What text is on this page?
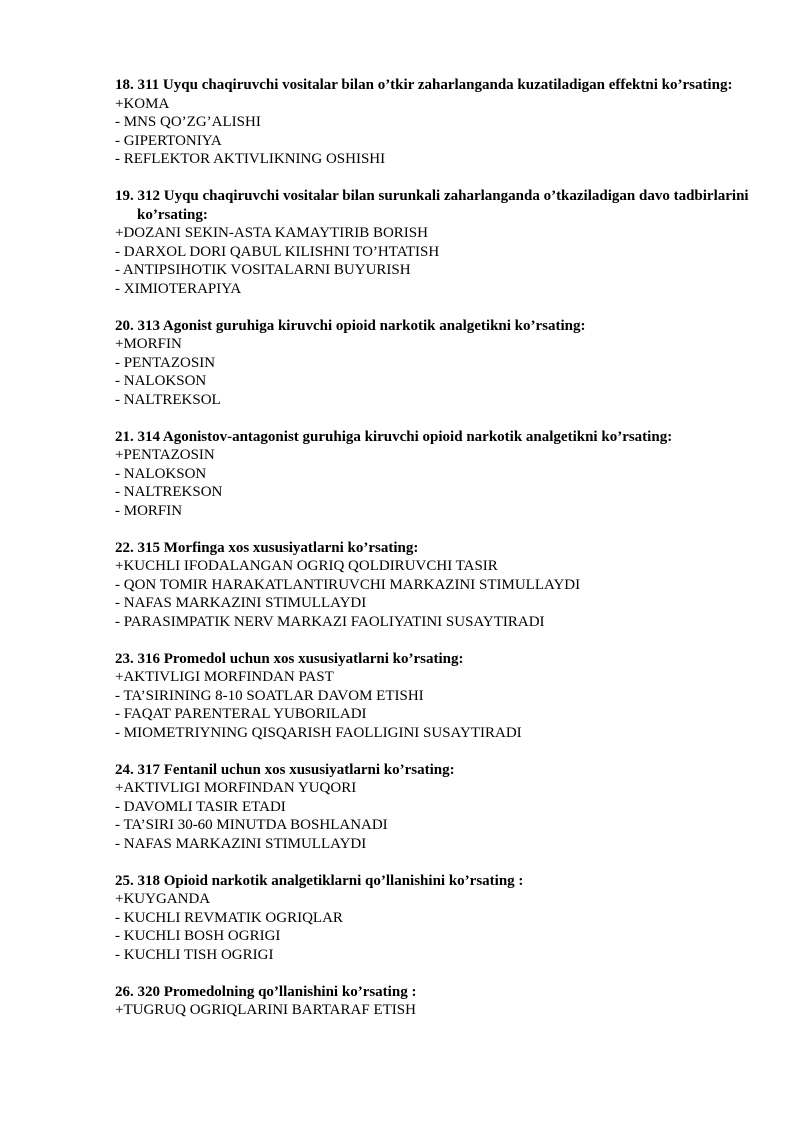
18. 311 Uyqu chaqiruvchi vositalar bilan o’tkir zaharlanganda kuzatiladigan effektni ko’rsating:

+KOMA

- MNS QO’ZG’ALISHI

- GIPERTONIYA

- REFLEKTOR AKTIVLIKNING OSHISHI

19. 312 Uyqu chaqiruvchi vositalar bilan surunkali zaharlanganda o’tkaziladigan davo tadbirlarini ko’rsating:

+DOZANI SEKIN-ASTA KAMAYTIRIB BORISH

- DARXOL DORI QABUL KILISHNI TO’HTATISH

- ANTIPSIHOTIK VOSITALARNI BUYURISH

- XIMIOTERAPIYA

20. 313 Agonist guruhiga kiruvchi opioid narkotik analgetikni ko’rsating:

+MORFIN

- PENTAZOSIN

- NALOKSON

- NALTREKSOL

21. 314 Agonistov-antagonist guruhiga kiruvchi opioid narkotik analgetikni ko’rsating:

+PENTAZOSIN

- NALOKSON

- NALTREKSON

- MORFIN

22. 315 Morfinga xos xususiyatlarni ko’rsating:

+KUCHLI IFODALANGAN OGRIQ QOLDIRUVCHI TASIR

- QON TOMIR HARAKATLANTIRUVCHI MARKAZINI STIMULLAYDI

- NAFAS MARKAZINI STIMULLAYDI

- PARASIMPATIK NERV MARKAZI FAOLIYATINI SUSAYTIRADI

23. 316 Promedol uchun xos xususiyatlarni ko’rsating:

+AKTIVLIGI MORFINDAN PAST

- TA’SIRINING 8-10 SOATLAR DAVOM ETISHI

- FAQAT PARENTERAL YUBORILADI

- MIOMETRIYNING QISQARISH FAOLLIGINI SUSAYTIRADI

24. 317 Fentanil uchun xos xususiyatlarni ko’rsating:

+AKTIVLIGI MORFINDAN YUQORI

- DAVOMLI TASIR ETADI

- TA’SIRI 30-60 MINUTDA BOSHLANADI

- NAFAS MARKAZINI STIMULLAYDI

25. 318 Opioid narkotik analgetiklarni qo’llanishini ko’rsating :

+KUYGANDA

- KUCHLI REVMATIK OGRIQLAR

- KUCHLI BOSH OGRIGI

- KUCHLI TISH OGRIGI

26. 320 Promedolning qo’llanishini ko’rsating :

+TUGRUQ OGRIQLARINI BARTARAF ETISH
